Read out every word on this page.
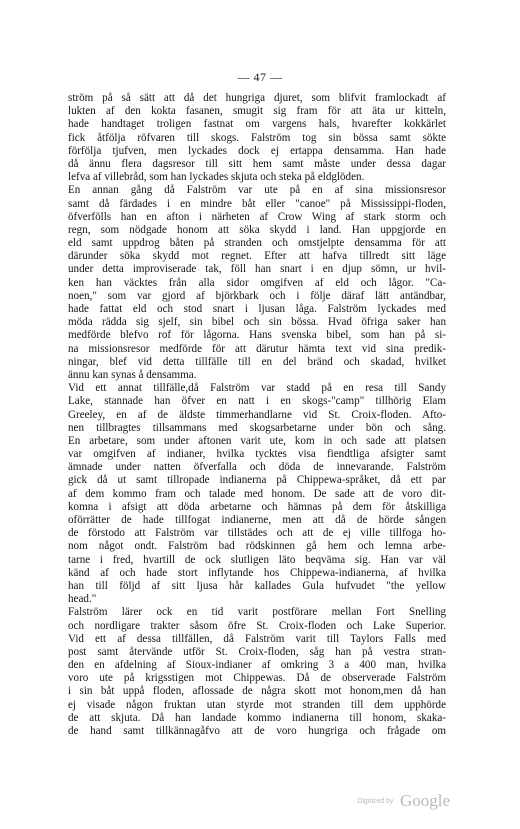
— 47 —
ström på så sätt att då det hungriga djuret, som blifvit framlockadt af
lukten af den kokta fasanen, smugit sig fram för att äta ur kitteln,
hade handtaget troligen fastnat om vargens hals, hvarefter kokkärlet
fick åtfölja röfvaren till skogs. Falström tog sin bössa samt sökte
förfölja tjufven, men lyckades dock ej ertappa densamma. Han hade
då ännu flera dagsresor till sitt hem samt måste under dessa dagar
lefva af villebråd, som han lyckades skjuta och steka på eldglöden.
En annan gång då Falström var ute på en af sina missionsresor
samt då färdades i en mindre båt eller "canoe" på Mississippi-floden,
öfverfölls han en afton i närheten af Crow Wing af stark storm och
regn, som nödgade honom att söka skydd i land. Han uppgjorde en
eld samt uppdrog båten på stranden och omstjelpte densamma för att
därunder söka skydd mot regnet. Efter att hafva tillredt sitt läge
under detta improviserade tak, föll han snart i en djup sömn, ur hvil-
ken han väcktes från alla sidor omgifven af eld och lågor. "Ca-
noen," som var gjord af björkbark och i följe däraf lätt antändbar,
hade fattat eld och stod snart i ljusan låga. Falström lyckades med
möda rädda sig sjelf, sin bibel och sin bössa. Hvad öfriga saker han
medförde blefvo rof för lågorna. Hans svenska bibel, som han på si-
na missionsresor medförde för att därutur hämta text vid sina predik-
ningar, blef vid detta tillfälle till en del bränd och skadad, hvilket
ännu kan synas å densamma.
Vid ett annat tillfälle,då Falström var stadd på en resa till Sandy
Lake, stannade han öfver en natt i en skogs-"camp" tillhörig Elam
Greeley, en af de äldste timmerhandlarne vid St. Croix-floden. Afto-
nen tillbragtes tillsammans med skogsarbetarne under bön och sång.
En arbetare, som under aftonen varit ute, kom in och sade att platsen
var omgifven af indianer, hvilka tycktes visa fiendtliga afsigter samt
ämnade under natten öfverfalla och döda de innevarande. Falström
gick då ut samt tillropade indianerna på Chippewa-språket, då ett par
af dem kommo fram och talade med honom. De sade att de voro dit-
komna i afsigt att döda arbetarne och hämnas på dem för åtskilliga
oförrätter de hade tillfogat indianerne, men att då de hörde sången
de förstodo att Falström var tillstädes och att de ej ville tillfoga ho-
nom något ondt. Falström bad rödskinnen gå hem och lemna arbe-
tarne i fred, hvartill de ock slutligen läto beqväma sig. Han var väl
känd af och hade stort inflytande hos Chippewa-indianerna, af hvilka
han till följd af sitt ljusa hår kallades Gula hufvudet "the yellow
head."
Falström lärer ock en tid varit postförare mellan Fort Snelling
och nordligare trakter såsom öfre St. Croix-floden och Lake Superior.
Vid ett af dessa tillfällen, då Falström varit till Taylors Falls med
post samt återvände utför St. Croix-floden, såg han på vestra stran-
den en afdelning af Sioux-indianer af omkring 3 a 400 man, hvilka
voro ute på krigsstigen mot Chippewas. Då de observerade Falström
i sin båt uppå floden, aflossade de några skott mot honom,men då han
ej visade någon fruktan utan styrde mot stranden till dem upphörde
de att skjuta. Då han landade kommo indianerna till honom, skaka-
de hand samt tillkännagåfvo att de voro hungriga och frågade om
Digitized by Google
